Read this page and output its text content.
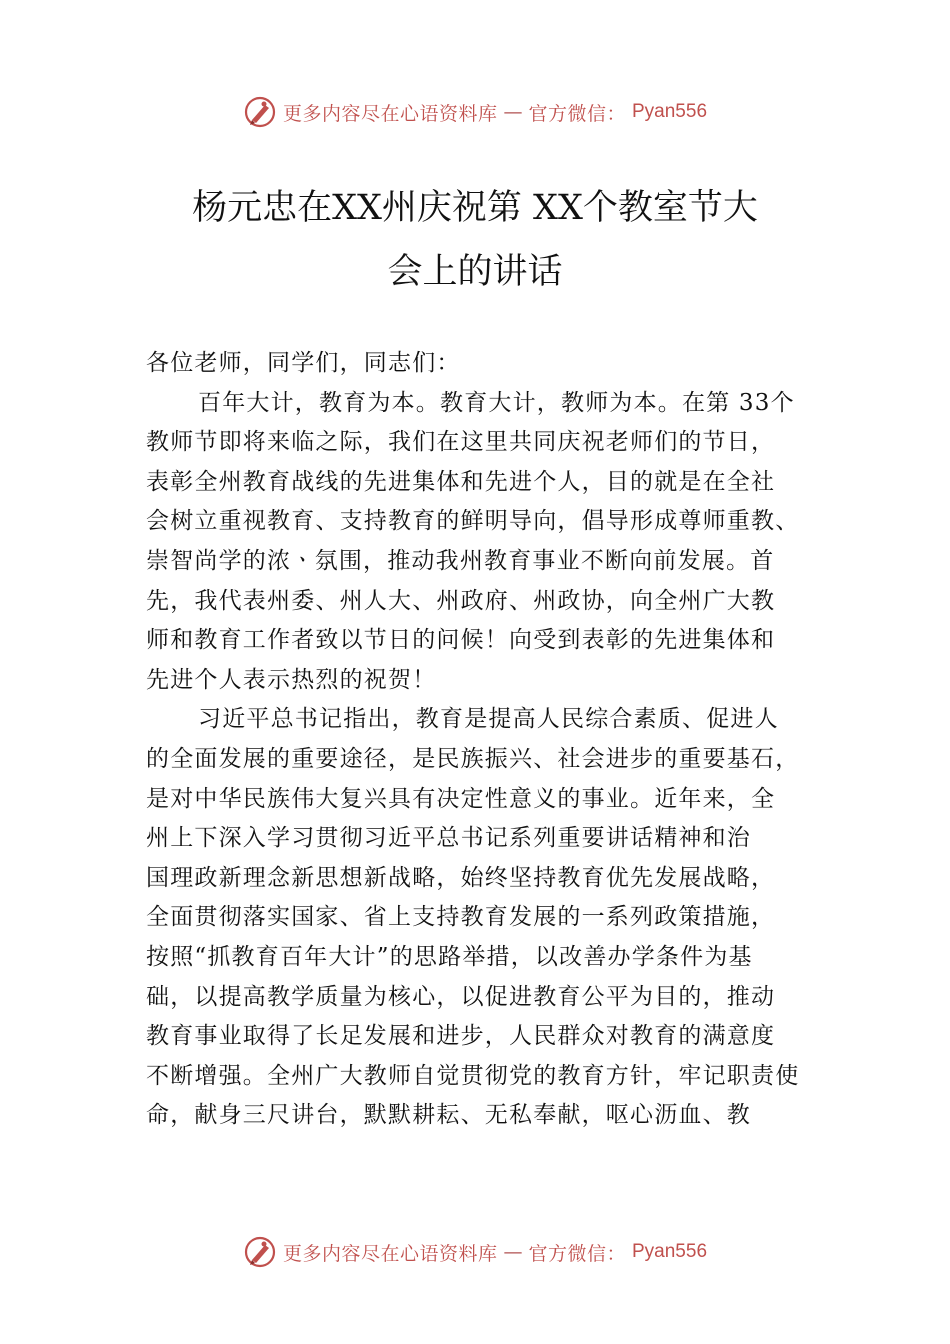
更多内容尽在心语资料库 — 官方微信： Pyan556
杨元忠在XX州庆祝第 XX个教室节大
会上的讲话
各位老师，同学们，同志们：
百年大计，教育为本。教育大计，教师为本。在第 33个
教师节即将来临之际，我们在这里共同庆祝老师们的节日，
表彰全州教育战线的先进集体和先进个人，目的就是在全社
会树立重视教育、支持教育的鲜明导向，倡导形成尊师重教、
崇智尚学的浓ㆍ氛围，推动我州教育事业不断向前发展。首
先，我代表州委、州人大、州政府、州政协，向全州广大教
师和教育工作者致以节日的问候！向受到表彰的先进集体和
先进个人表示热烈的祝贺！
习近平总书记指出，教育是提高人民综合素质、促进人
的全面发展的重要途径，是民族振兴、社会进步的重要基石，
是对中华民族伟大复兴具有决定性意义的事业。近年来，全
州上下深入学习贯彻习近平总书记系列重要讲话精神和治
国理政新理念新思想新战略，始终坚持教育优先发展战略，
全面贯彻落实国家、省上支持教育发展的一系列政策措施，
按照“抓教育百年大计”的思路举措，以改善办学条件为基
础，以提高教学质量为核心，以促进教育公平为目的，推动
教育事业取得了长足发展和进步，人民群众对教育的满意度
不断增强。全州广大教师自觉贯彻党的教育方针，牢记职责使
命，献身三尺讲台，默默耕耘、无私奉献，呕心沥血、教
更多内容尽在心语资料库 — 官方微信： Pyan556
